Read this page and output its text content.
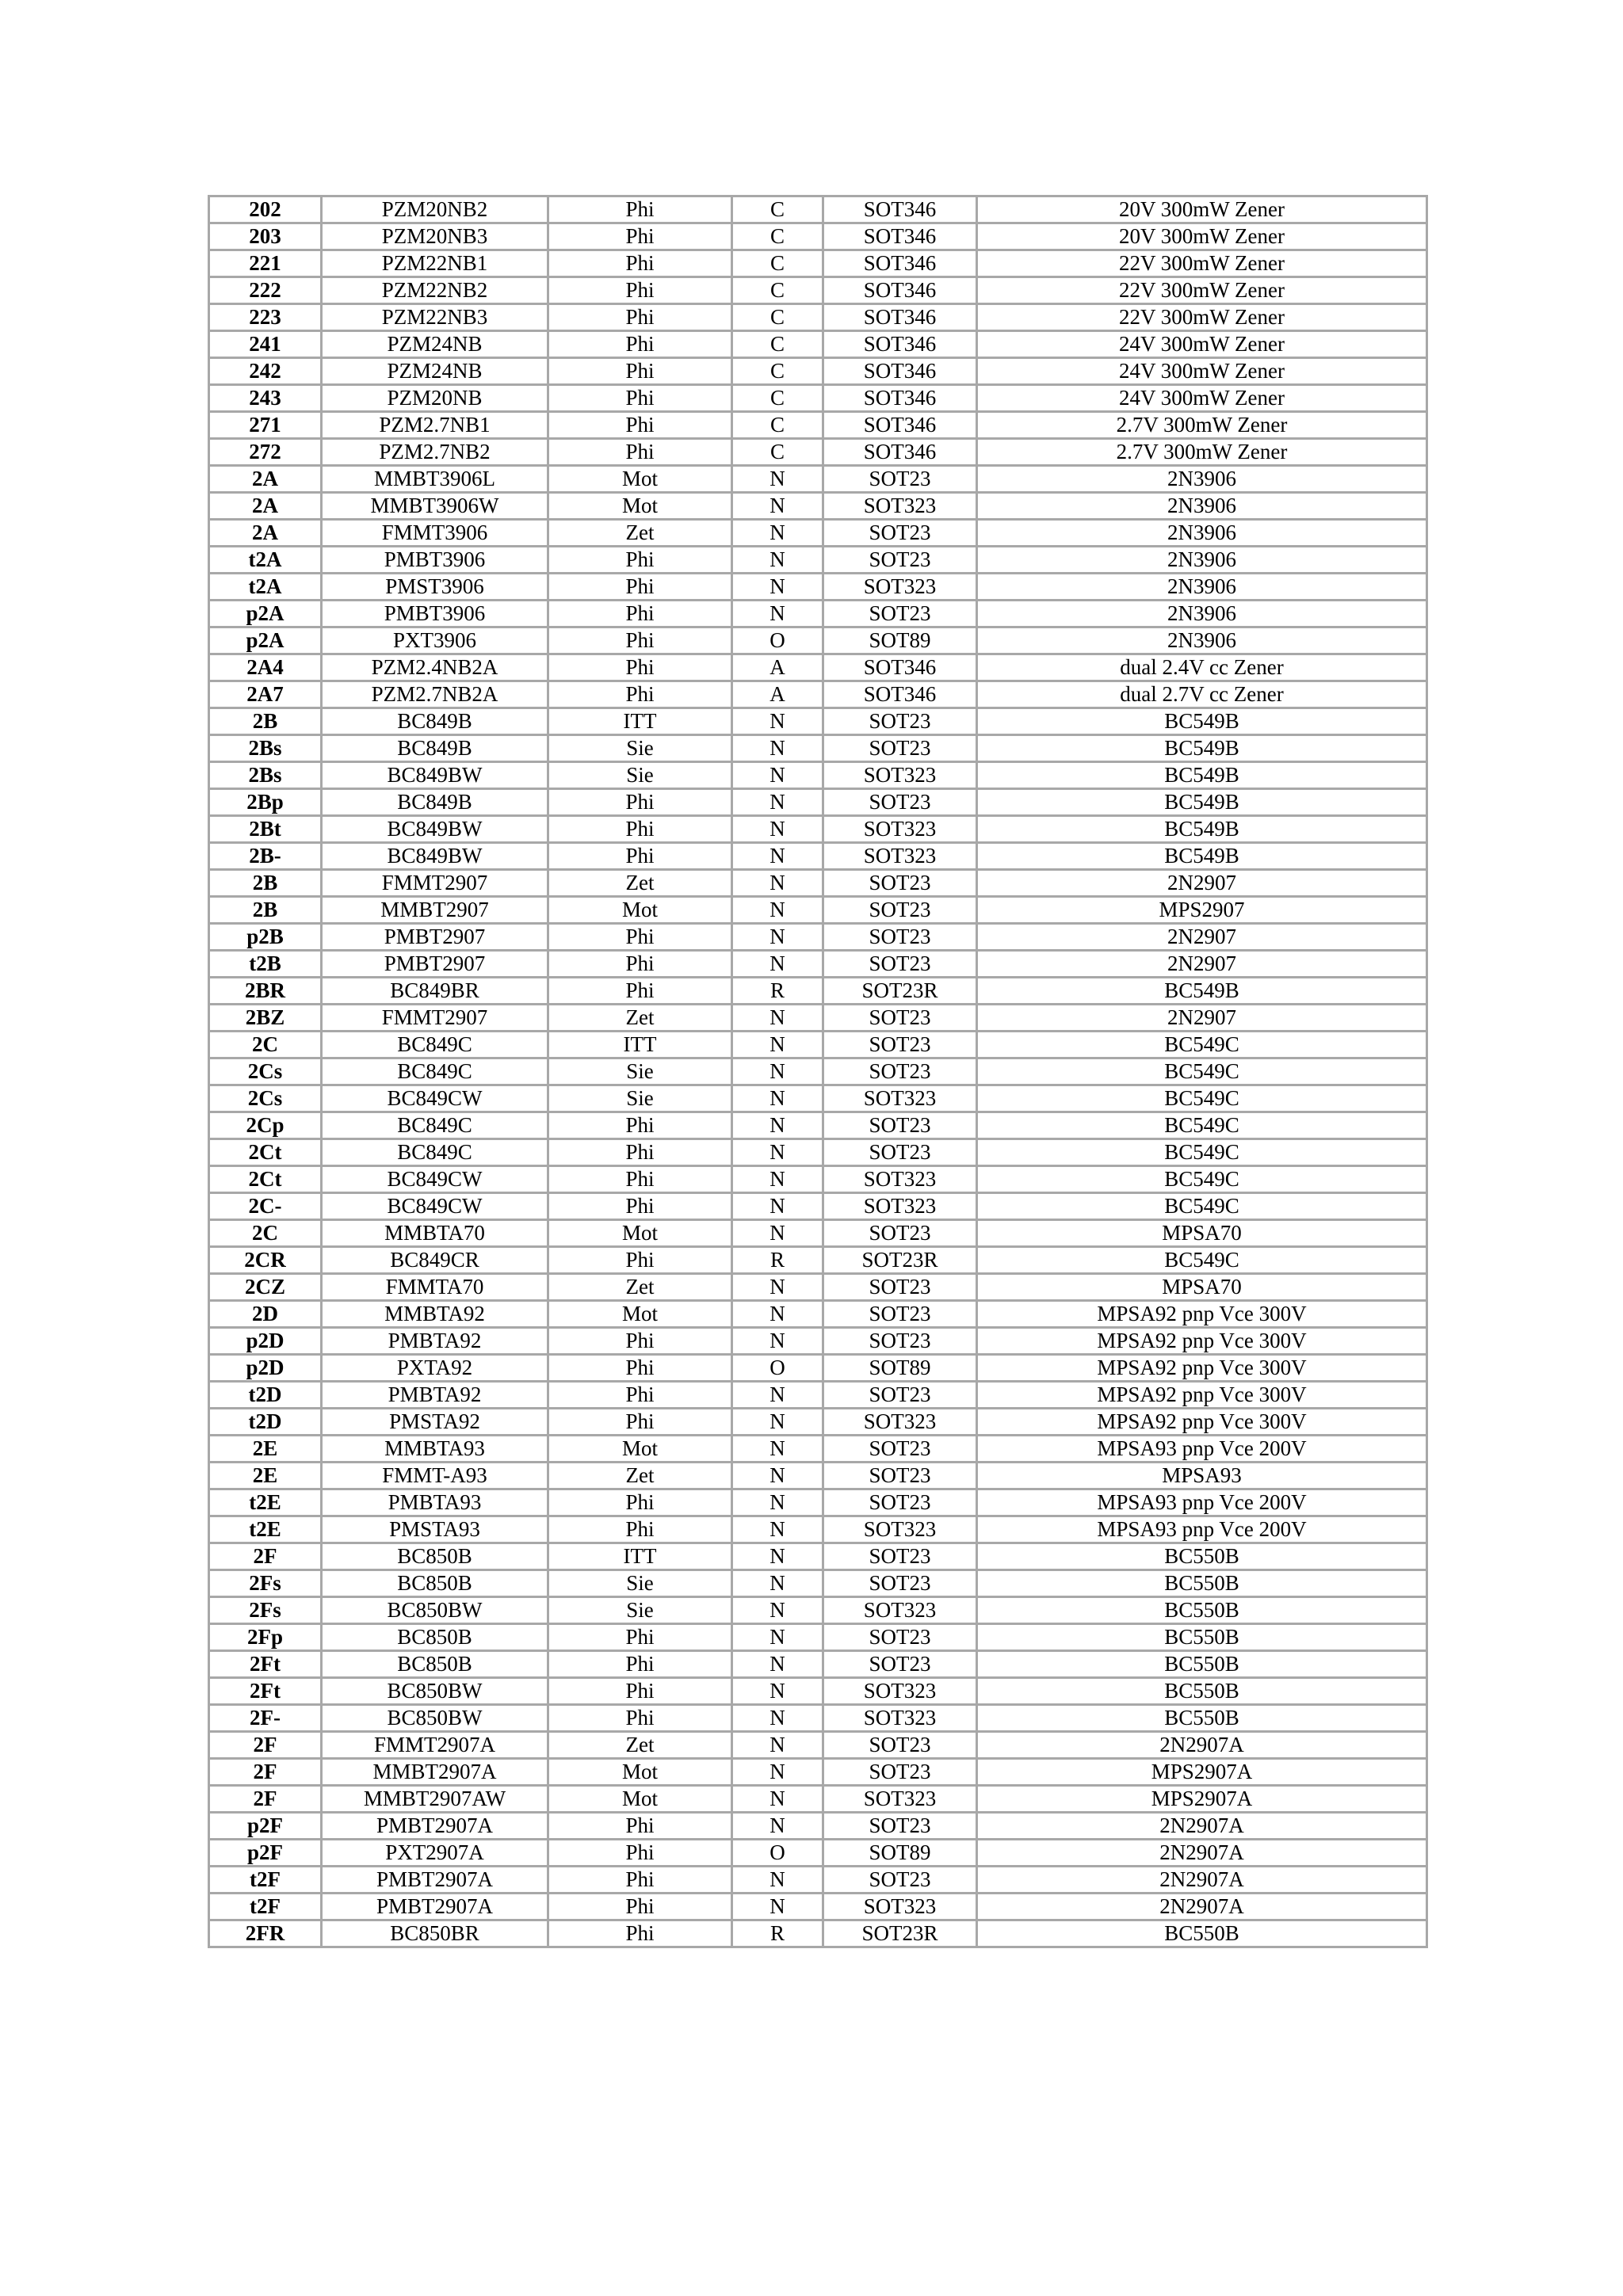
202	PZM20NB2	Phi	C	SOT346	20V 300mW Zener
203	PZM20NB3	Phi	C	SOT346	20V 300mW Zener
221	PZM22NB1	Phi	C	SOT346	22V 300mW Zener
222	PZM22NB2	Phi	C	SOT346	22V 300mW Zener
223	PZM22NB3	Phi	C	SOT346	22V 300mW Zener
241	PZM24NB	Phi	C	SOT346	24V 300mW Zener
242	PZM24NB	Phi	C	SOT346	24V 300mW Zener
243	PZM20NB	Phi	C	SOT346	24V 300mW Zener
271	PZM2.7NB1	Phi	C	SOT346	2.7V 300mW Zener
272	PZM2.7NB2	Phi	C	SOT346	2.7V 300mW Zener
2A	MMBT3906L	Mot	N	SOT23	2N3906
2A	MMBT3906W	Mot	N	SOT323	2N3906
2A	FMMT3906	Zet	N	SOT23	2N3906
t2A	PMBT3906	Phi	N	SOT23	2N3906
t2A	PMST3906	Phi	N	SOT323	2N3906
p2A	PMBT3906	Phi	N	SOT23	2N3906
p2A	PXT3906	Phi	O	SOT89	2N3906
2A4	PZM2.4NB2A	Phi	A	SOT346	dual 2.4V cc Zener
2A7	PZM2.7NB2A	Phi	A	SOT346	dual 2.7V cc Zener
2B	BC849B	ITT	N	SOT23	BC549B
2Bs	BC849B	Sie	N	SOT23	BC549B
2Bs	BC849BW	Sie	N	SOT323	BC549B
2Bp	BC849B	Phi	N	SOT23	BC549B
2Bt	BC849BW	Phi	N	SOT323	BC549B
2B-	BC849BW	Phi	N	SOT323	BC549B
2B	FMMT2907	Zet	N	SOT23	2N2907
2B	MMBT2907	Mot	N	SOT23	MPS2907
p2B	PMBT2907	Phi	N	SOT23	2N2907
t2B	PMBT2907	Phi	N	SOT23	2N2907
2BR	BC849BR	Phi	R	SOT23R	BC549B
2BZ	FMMT2907	Zet	N	SOT23	2N2907
2C	BC849C	ITT	N	SOT23	BC549C
2Cs	BC849C	Sie	N	SOT23	BC549C
2Cs	BC849CW	Sie	N	SOT323	BC549C
2Cp	BC849C	Phi	N	SOT23	BC549C
2Ct	BC849C	Phi	N	SOT23	BC549C
2Ct	BC849CW	Phi	N	SOT323	BC549C
2C-	BC849CW	Phi	N	SOT323	BC549C
2C	MMBTA70	Mot	N	SOT23	MPSA70
2CR	BC849CR	Phi	R	SOT23R	BC549C
2CZ	FMMTA70	Zet	N	SOT23	MPSA70
2D	MMBTA92	Mot	N	SOT23	MPSA92 pnp Vce 300V
p2D	PMBTA92	Phi	N	SOT23	MPSA92 pnp Vce 300V
p2D	PXTA92	Phi	O	SOT89	MPSA92 pnp Vce 300V
t2D	PMBTA92	Phi	N	SOT23	MPSA92 pnp Vce 300V
t2D	PMSTA92	Phi	N	SOT323	MPSA92 pnp Vce 300V
2E	MMBTA93	Mot	N	SOT23	MPSA93 pnp Vce 200V
2E	FMMT-A93	Zet	N	SOT23	MPSA93
t2E	PMBTA93	Phi	N	SOT23	MPSA93 pnp Vce 200V
t2E	PMSTA93	Phi	N	SOT323	MPSA93 pnp Vce 200V
2F	BC850B	ITT	N	SOT23	BC550B
2Fs	BC850B	Sie	N	SOT23	BC550B
2Fs	BC850BW	Sie	N	SOT323	BC550B
2Fp	BC850B	Phi	N	SOT23	BC550B
2Ft	BC850B	Phi	N	SOT23	BC550B
2Ft	BC850BW	Phi	N	SOT323	BC550B
2F-	BC850BW	Phi	N	SOT323	BC550B
2F	FMMT2907A	Zet	N	SOT23	2N2907A
2F	MMBT2907A	Mot	N	SOT23	MPS2907A
2F	MMBT2907AW	Mot	N	SOT323	MPS2907A
p2F	PMBT2907A	Phi	N	SOT23	2N2907A
p2F	PXT2907A	Phi	O	SOT89	2N2907A
t2F	PMBT2907A	Phi	N	SOT23	2N2907A
t2F	PMBT2907A	Phi	N	SOT323	2N2907A
2FR	BC850BR	Phi	R	SOT23R	BC550B
